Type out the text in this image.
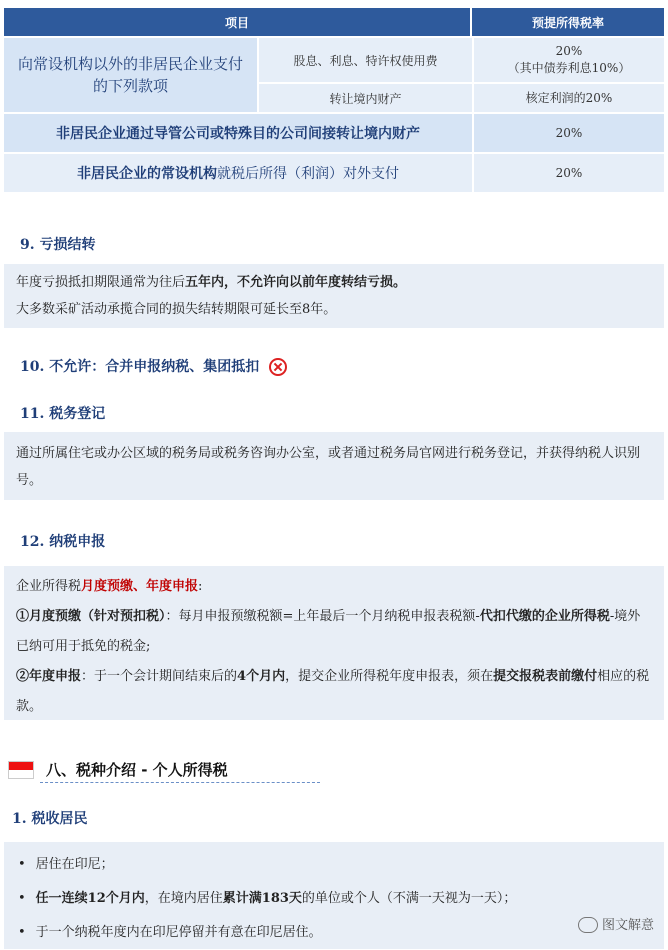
项目		预提所得税率
向常设机构以外的非居民企业支付的下列款项	股息、利息、特许权使用费	20%
（其中债券利息10%）

	转让境内财产	核定利润的20%
非居民企业通过导管公司或特殊目的公司间接转让境内财产		20%
非居民企业的常设机构就税后所得（利润）对外支付		20%
9. 亏损结转

年度亏损抵扣期限通常为往后五年内，不允许向以前年度转结亏损。

大多数采矿活动承揽合同的损失结转期限可延长至8年。

10. 不允许：合并申报纳税、集团抵扣
11. 税务登记

通过所属住宅或办公区域的税务局或税务咨询办公室，或者通过税务局官网进行税务登记，并获得纳税人识别号。

12. 纳税申报

企业所得税月度预缴、年度申报:

①月度预缴（针对预扣税）：每月申报预缴税额=上年最后一个月纳税申报表税额-代扣代缴的企业所得税-境外已纳可用于抵免的税金;

②年度申报：于一个会计期间结束后的4个月内，提交企业所得税年度申报表，须在提交报税表前缴付相应的税款。

八、税种介绍 - 个人所得税
1. 税收居民
• 居住在印尼；
• 任一连续12个月内，在境内居住累计满183天的单位或个人（不满一天视为一天）；
• 于一个纳税年度内在印尼停留并有意在印尼居住。	图文解意
